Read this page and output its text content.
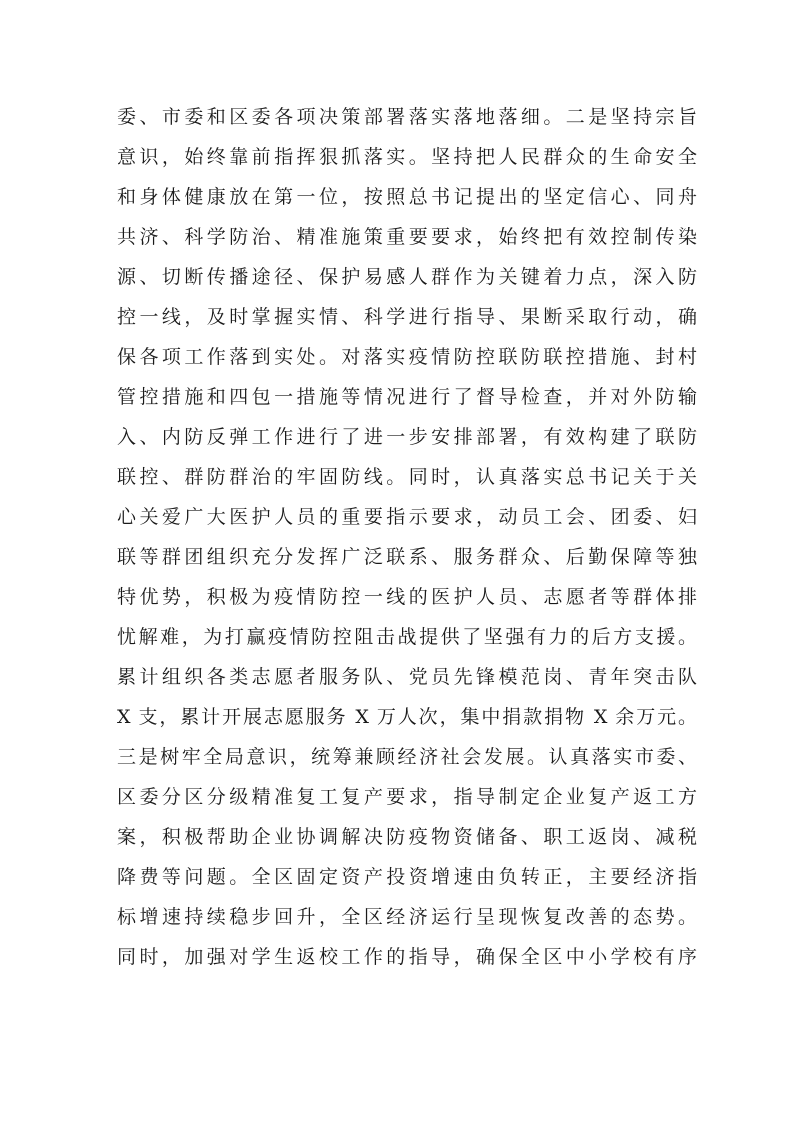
委、市委和区委各项决策部署落实落地落细。二是坚持宗旨
意识，始终靠前指挥狠抓落实。坚持把人民群众的生命安全
和身体健康放在第一位，按照总书记提出的坚定信心、同舟
共济、科学防治、精准施策重要要求，始终把有效控制传染
源、切断传播途径、保护易感人群作为关键着力点，深入防
控一线，及时掌握实情、科学进行指导、果断采取行动，确
保各项工作落到实处。对落实疫情防控联防联控措施、封村
管控措施和四包一措施等情况进行了督导检查，并对外防输
入、内防反弹工作进行了进一步安排部署，有效构建了联防
联控、群防群治的牢固防线。同时，认真落实总书记关于关
心关爱广大医护人员的重要指示要求，动员工会、团委、妇
联等群团组织充分发挥广泛联系、服务群众、后勤保障等独
特优势，积极为疫情防控一线的医护人员、志愿者等群体排
忧解难，为打赢疫情防控阻击战提供了坚强有力的后方支援。
累计组织各类志愿者服务队、党员先锋模范岗、青年突击队
X 支，累计开展志愿服务 X 万人次，集中捐款捐物 X 余万元。
三是树牢全局意识，统筹兼顾经济社会发展。认真落实市委、
区委分区分级精准复工复产要求，指导制定企业复产返工方
案，积极帮助企业协调解决防疫物资储备、职工返岗、减税
降费等问题。全区固定资产投资增速由负转正，主要经济指
标增速持续稳步回升，全区经济运行呈现恢复改善的态势。
同时，加强对学生返校工作的指导，确保全区中小学校有序
